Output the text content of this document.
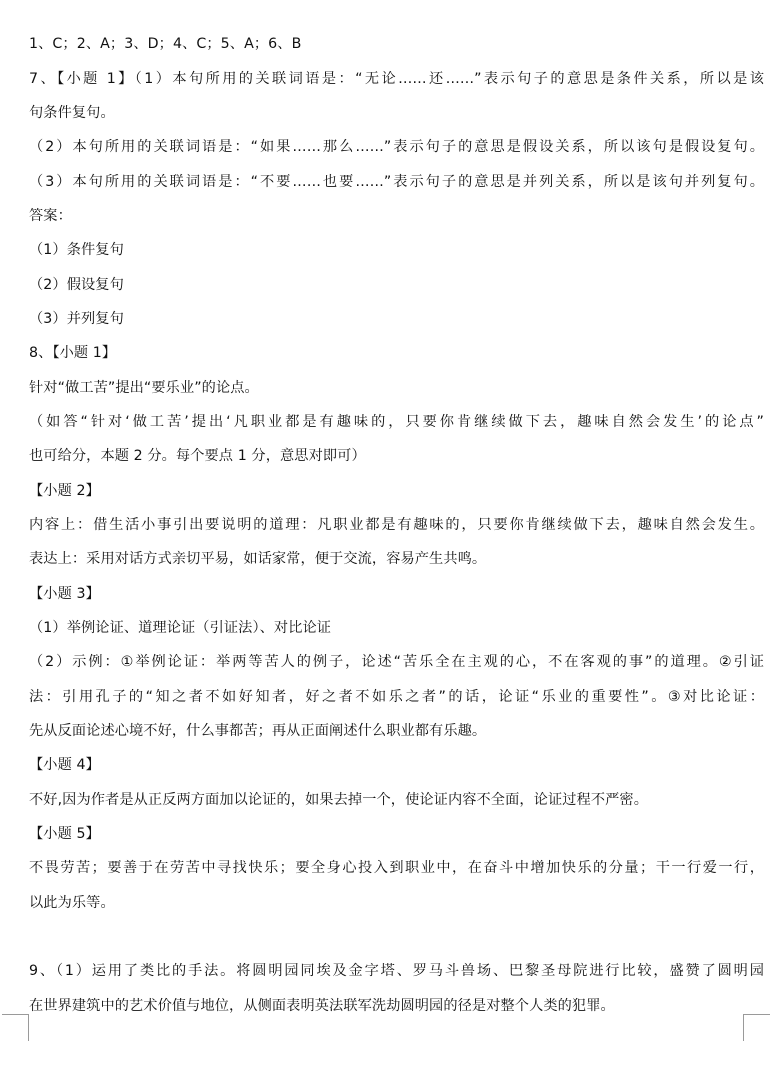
1、C；2、A；3、D；4、C；5、A；6、B
7、【小题 1】（1）本句所用的关联词语是：“无论……还……”表示句子的意思是条件关系，所以是该
句条件复句。
（2）本句所用的关联词语是：“如果……那么……”表示句子的意思是假设关系，所以该句是假设复句。
（3）本句所用的关联词语是：“不要……也要……”表示句子的意思是并列关系，所以是该句并列复句。
答案：
（1）条件复句
（2）假设复句
（3）并列复句
8、【小题 1】
针对“做工苦”提出“要乐业”的论点。
（如答“针对‘做工苦’提出‘凡职业都是有趣味的，只要你肯继续做下去，趣味自然会发生’的论点”
也可给分，本题 2 分。每个要点 1 分，意思对即可）
【小题 2】
内容上：借生活小事引出要说明的道理：凡职业都是有趣味的，只要你肯继续做下去，趣味自然会发生。
表达上：采用对话方式亲切平易，如话家常，便于交流，容易产生共鸣。
【小题 3】
（1）举例论证、道理论证（引证法）、对比论证
（2）示例：①举例论证：举两等苦人的例子，论述“苦乐全在主观的心，不在客观的事”的道理。②引证
法：引用孔子的“知之者不如好知者，好之者不如乐之者”的话，论证“乐业的重要性”。③对比论证：
先从反面论述心境不好，什么事都苦；再从正面阐述什么职业都有乐趣。
【小题 4】
不好,因为作者是从正反两方面加以论证的，如果去掉一个，使论证内容不全面，论证过程不严密。
【小题 5】
不畏劳苦；要善于在劳苦中寻找快乐；要全身心投入到职业中，在奋斗中增加快乐的分量；干一行爱一行，
以此为乐等。
9、（1）运用了类比的手法。将圆明园同埃及金字塔、罗马斗兽场、巴黎圣母院进行比较，盛赞了圆明园
在世界建筑中的艺术价值与地位，从侧面表明英法联军洗劫圆明园的径是对整个人类的犯罪。
